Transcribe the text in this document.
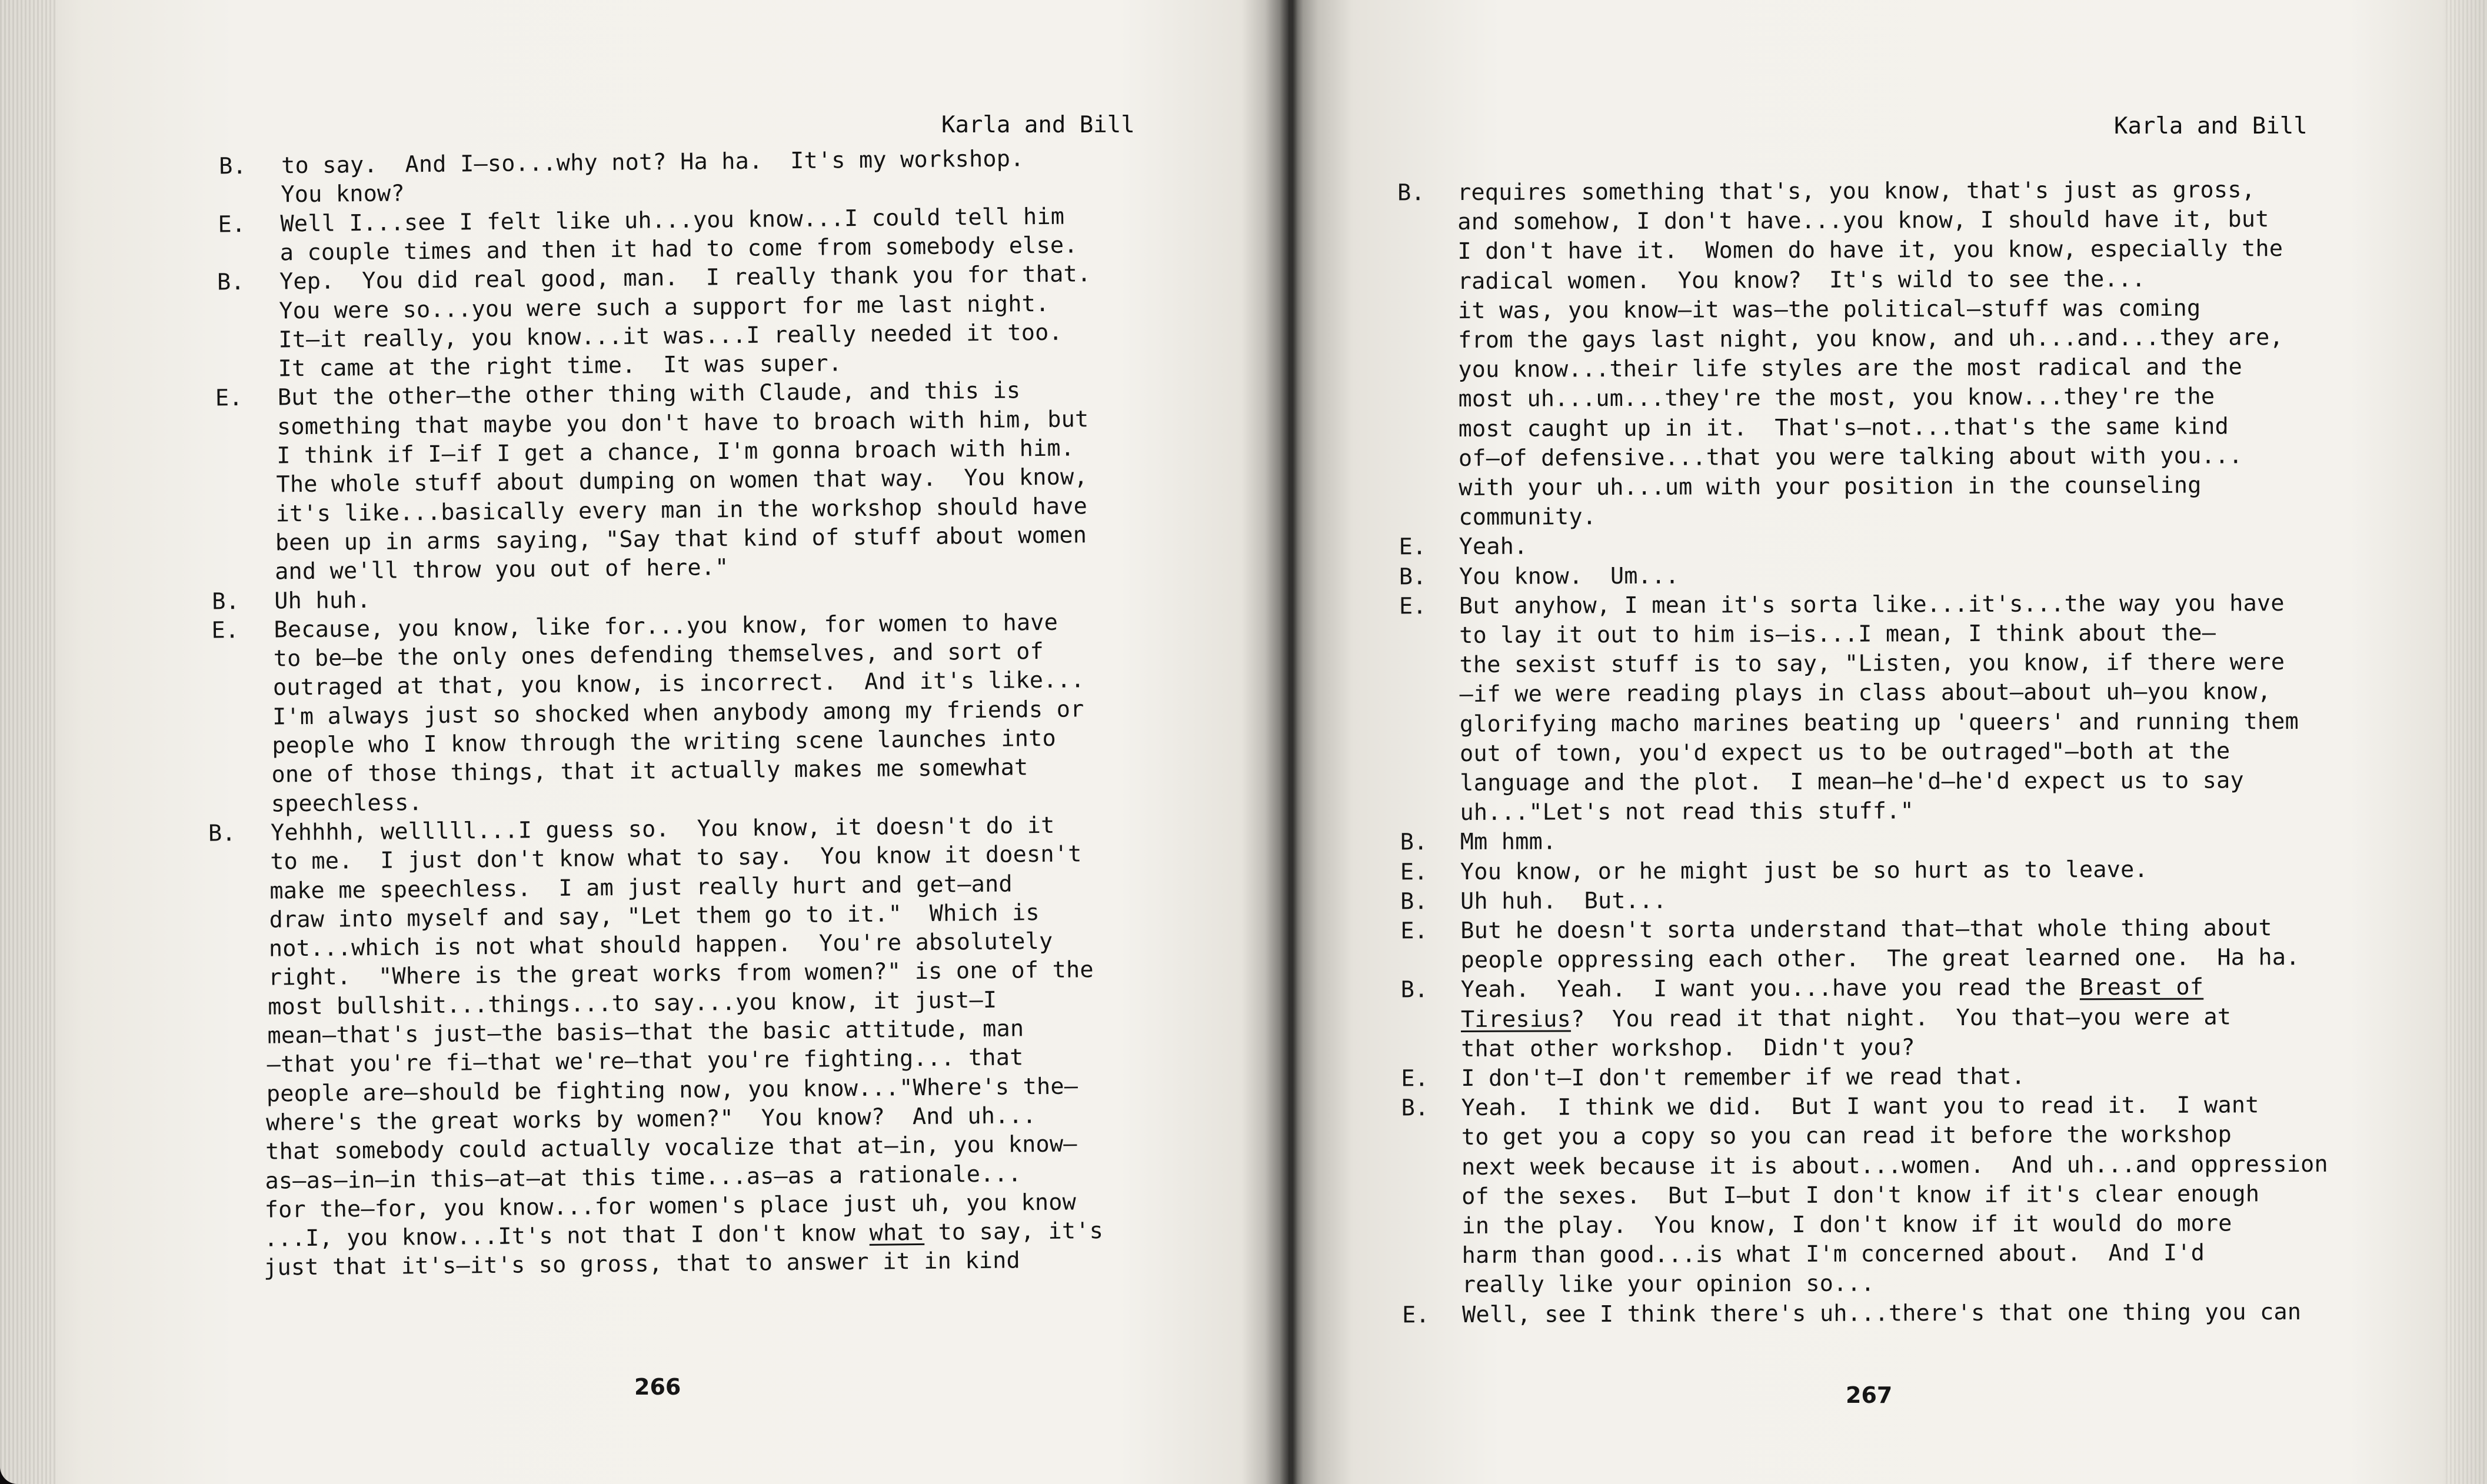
Karla and Bill
B. to say.  And I—so...why not? Ha ha.  It's my workshop.
You know?
E. Well I...see I felt like uh...you know...I could tell him
a couple times and then it had to come from somebody else.
B. Yep.  You did real good, man.  I really thank you for that.
You were so...you were such a support for me last night.
It—it really, you know...it was...I really needed it too.
It came at the right time.  It was super.
E. But the other—the other thing with Claude, and this is
something that maybe you don't have to broach with him, but
I think if I—if I get a chance, I'm gonna broach with him.
The whole stuff about dumping on women that way.  You know,
it's like...basically every man in the workshop should have
been up in arms saying, "Say that kind of stuff about women
and we'll throw you out of here."
B. Uh huh.
E. Because, you know, like for...you know, for women to have
to be—be the only ones defending themselves, and sort of
outraged at that, you know, is incorrect.  And it's like...
I'm always just so shocked when anybody among my friends or
people who I know through the writing scene launches into
one of those things, that it actually makes me somewhat
speechless.
B. Yehhhh, welllll...I guess so.  You know, it doesn't do it
to me.  I just don't know what to say.  You know it doesn't
make me speechless.  I am just really hurt and get—and
draw into myself and say, "Let them go to it."  Which is
not...which is not what should happen.  You're absolutely
right.  "Where is the great works from women?" is one of the
most bullshit...things...to say...you know, it just—I
mean—that's just—the basis—that the basic attitude, man
—that you're fi—that we're—that you're fighting... that
people are—should be fighting now, you know..."Where's the—
where's the great works by women?"  You know?  And uh...
that somebody could actually vocalize that at—in, you know—
as—as—in—in this—at—at this time...as—as a rationale...
for the—for, you know...for women's place just uh, you know
...I, you know...It's not that I don't know what to say, it's
just that it's—it's so gross, that to answer it in kind
266
Karla and Bill
B. requires something that's, you know, that's just as gross,
and somehow, I don't have...you know, I should have it, but
I don't have it.  Women do have it, you know, especially the
radical women.  You know?  It's wild to see the...
it was, you know—it was—the political—stuff was coming
from the gays last night, you know, and uh...and...they are,
you know...their life styles are the most radical and the
most uh...um...they're the most, you know...they're the
most caught up in it.  That's—not...that's the same kind
of—of defensive...that you were talking about with you...
with your uh...um with your position in the counseling
community.
E. Yeah.
B. You know.  Um...
E. But anyhow, I mean it's sorta like...it's...the way you have
to lay it out to him is—is...I mean, I think about the—
the sexist stuff is to say, "Listen, you know, if there were
—if we were reading plays in class about—about uh—you know,
glorifying macho marines beating up 'queers' and running them
out of town, you'd expect us to be outraged"—both at the
language and the plot.  I mean—he'd—he'd expect us to say
uh..."Let's not read this stuff."
B. Mm hmm.
E. You know, or he might just be so hurt as to leave.
B. Uh huh.  But...
E. But he doesn't sorta understand that—that whole thing about
people oppressing each other.  The great learned one.  Ha ha.
B. Yeah.  Yeah.  I want you...have you read the Breast of
Tiresius?  You read it that night.  You that—you were at
that other workshop.  Didn't you?
E. I don't—I don't remember if we read that.
B. Yeah.  I think we did.  But I want you to read it.  I want
to get you a copy so you can read it before the workshop
next week because it is about...women.  And uh...and oppression
of the sexes.  But I—but I don't know if it's clear enough
in the play.  You know, I don't know if it would do more
harm than good...is what I'm concerned about.  And I'd
really like your opinion so...
E. Well, see I think there's uh...there's that one thing you can
267
